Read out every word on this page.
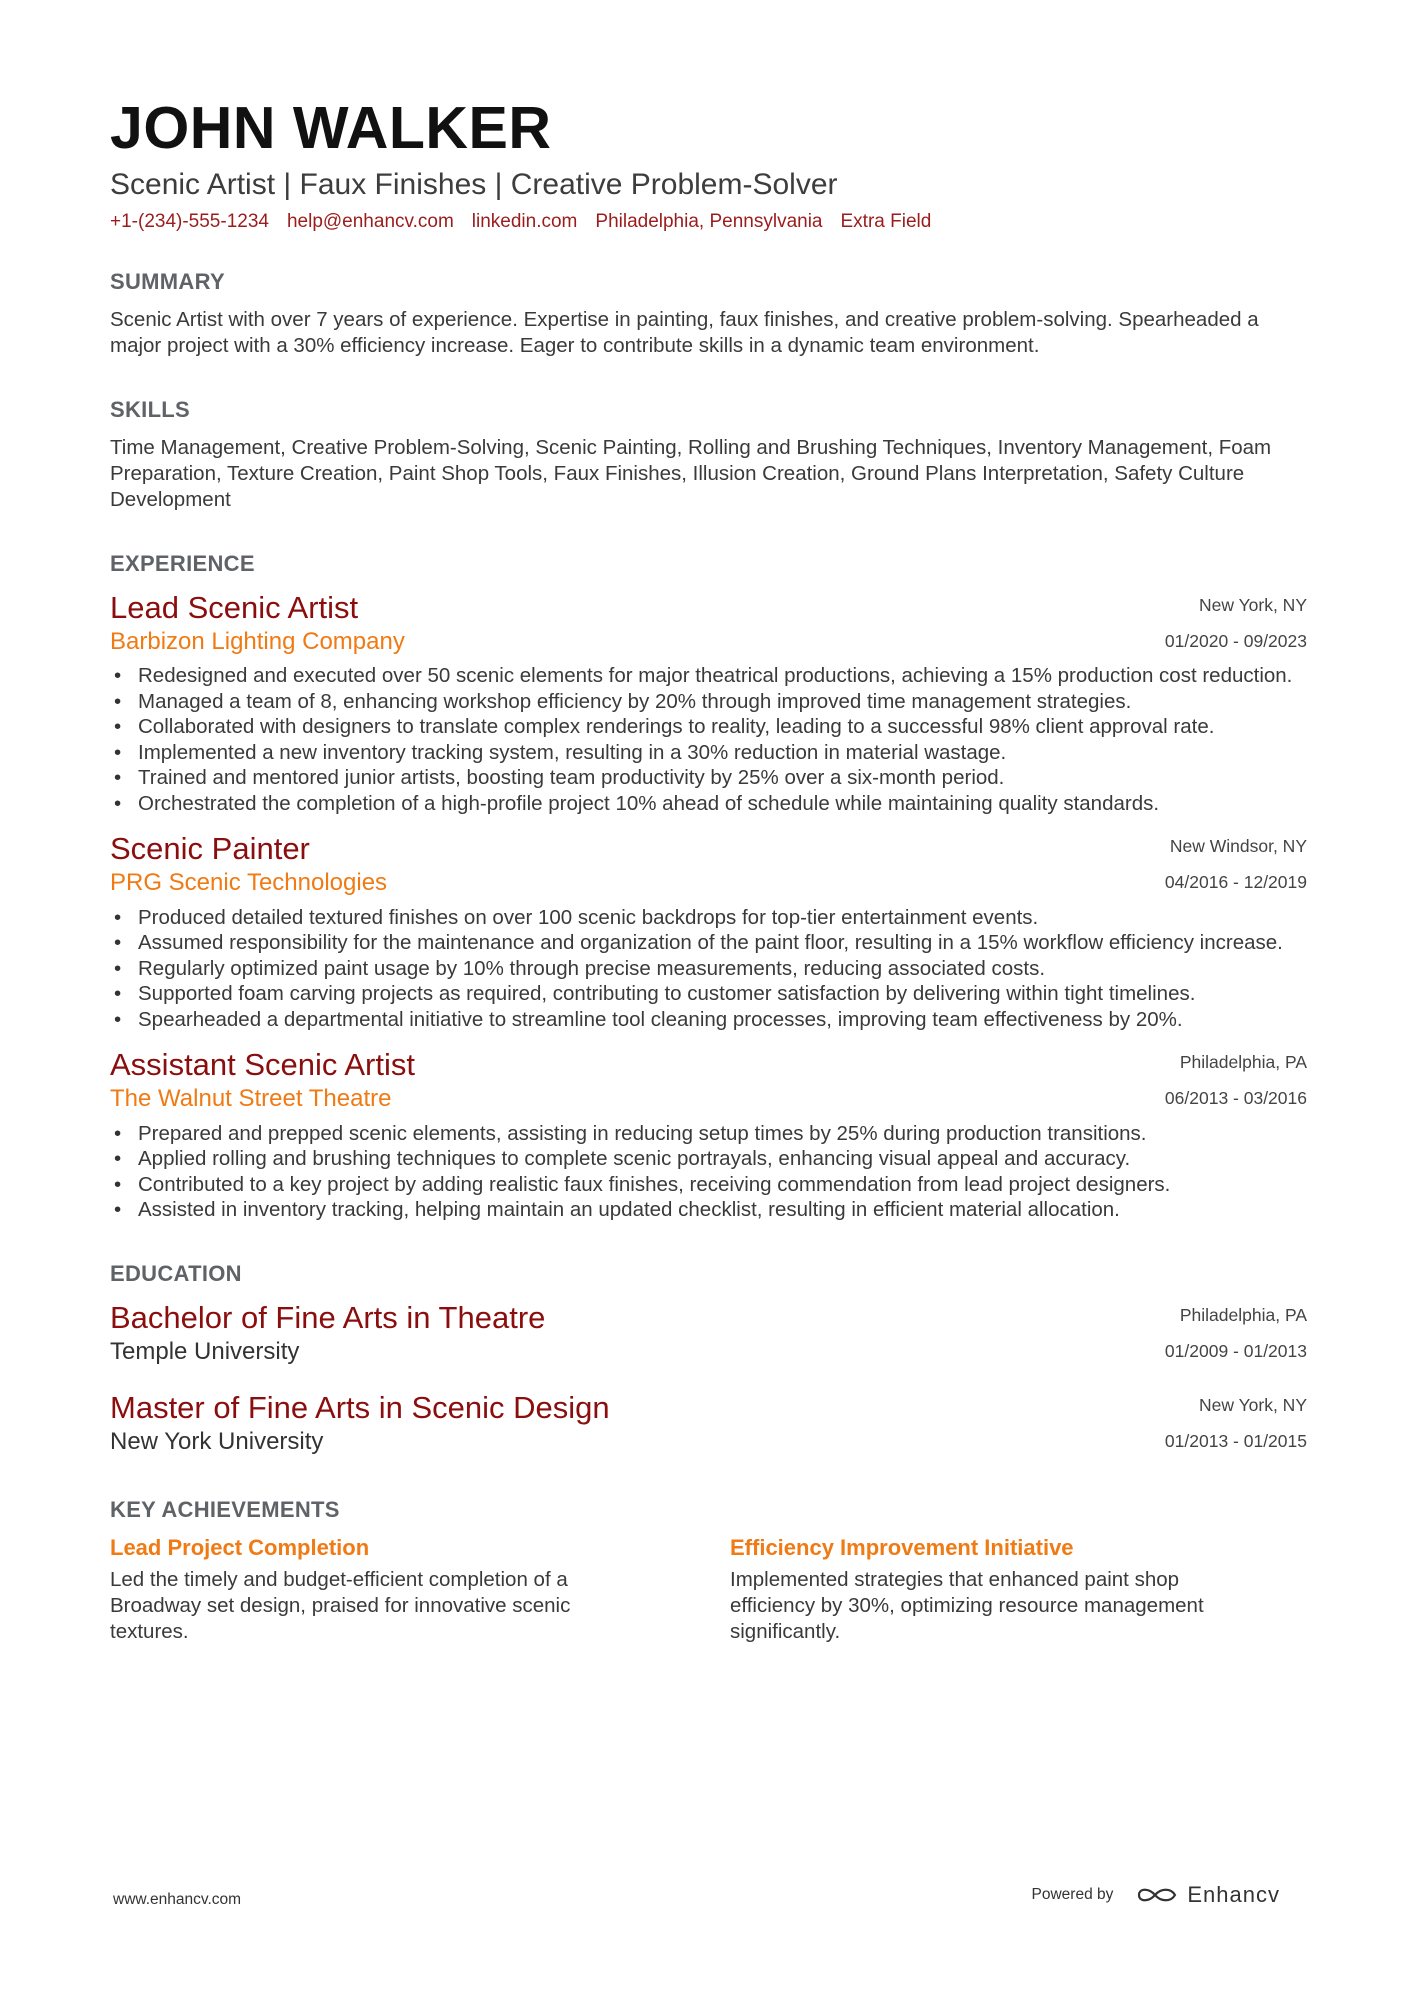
JOHN WALKER
Scenic Artist | Faux Finishes | Creative Problem-Solver
+1-(234)-555-1234 help@enhancv.com linkedin.com Philadelphia, Pennsylvania Extra Field
SUMMARY
Scenic Artist with over 7 years of experience. Expertise in painting, faux finishes, and creative problem-solving. Spearheaded a major project with a 30% efficiency increase. Eager to contribute skills in a dynamic team environment.
SKILLS
Time Management, Creative Problem-Solving, Scenic Painting, Rolling and Brushing Techniques, Inventory Management, Foam Preparation, Texture Creation, Paint Shop Tools, Faux Finishes, Illusion Creation, Ground Plans Interpretation, Safety Culture Development
EXPERIENCE
Lead Scenic Artist
Barbizon Lighting Company
New York, NY
01/2020 - 09/2023
• Redesigned and executed over 50 scenic elements for major theatrical productions, achieving a 15% production cost reduction.
• Managed a team of 8, enhancing workshop efficiency by 20% through improved time management strategies.
• Collaborated with designers to translate complex renderings to reality, leading to a successful 98% client approval rate.
• Implemented a new inventory tracking system, resulting in a 30% reduction in material wastage.
• Trained and mentored junior artists, boosting team productivity by 25% over a six-month period.
• Orchestrated the completion of a high-profile project 10% ahead of schedule while maintaining quality standards.
Scenic Painter
PRG Scenic Technologies
New Windsor, NY
04/2016 - 12/2019
• Produced detailed textured finishes on over 100 scenic backdrops for top-tier entertainment events.
• Assumed responsibility for the maintenance and organization of the paint floor, resulting in a 15% workflow efficiency increase.
• Regularly optimized paint usage by 10% through precise measurements, reducing associated costs.
• Supported foam carving projects as required, contributing to customer satisfaction by delivering within tight timelines.
• Spearheaded a departmental initiative to streamline tool cleaning processes, improving team effectiveness by 20%.
Assistant Scenic Artist
The Walnut Street Theatre
Philadelphia, PA
06/2013 - 03/2016
• Prepared and prepped scenic elements, assisting in reducing setup times by 25% during production transitions.
• Applied rolling and brushing techniques to complete scenic portrayals, enhancing visual appeal and accuracy.
• Contributed to a key project by adding realistic faux finishes, receiving commendation from lead project designers.
• Assisted in inventory tracking, helping maintain an updated checklist, resulting in efficient material allocation.
EDUCATION
Bachelor of Fine Arts in Theatre
Temple University
Philadelphia, PA
01/2009 - 01/2013
Master of Fine Arts in Scenic Design
New York University
New York, NY
01/2013 - 01/2015
KEY ACHIEVEMENTS
Lead Project Completion
Led the timely and budget-efficient completion of a Broadway set design, praised for innovative scenic textures.
Efficiency Improvement Initiative
Implemented strategies that enhanced paint shop efficiency by 30%, optimizing resource management significantly.
www.enhancv.com	Powered by	Enhancv
